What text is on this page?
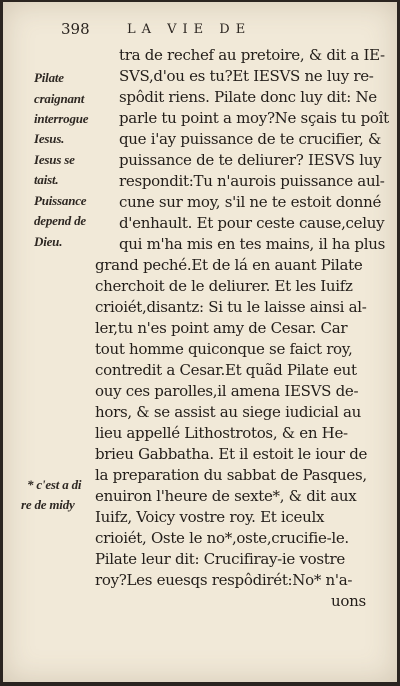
398	LA VIE DE
Pilate
craignant
interrogue
Iesus.
Iesus se
taist.
Puissance
depend de
Dieu.
* c'est a di
re de midy
tra de rechef au pretoire, & dit a IE-
SVS,d'ou es tu?Et IESVS ne luy re-
spôdit riens. Pilate donc luy dit: Ne
parle tu point a moy?Ne sçais tu poît
que i'ay puissance de te crucifier, &
puissance de te deliurer? IESVS luy
respondit:Tu n'aurois puissance aul-
cune sur moy, s'il ne te estoit donné
d'enhault. Et pour ceste cause,celuy
qui m'ha mis en tes mains, il ha plus
grand peché.Et de lá en auant Pilate
cherchoit de le deliurer. Et les Iuifz
crioiét,disantz: Si tu le laisse ainsi al-
ler,tu n'es point amy de Cesar. Car
tout homme quiconque se faict roy,
contredit a Cesar.Et quãd Pilate eut
ouy ces parolles,il amena IESVS de-
hors, & se assist au siege iudicial au
lieu appellé Lithostrotos, & en He-
brieu Gabbatha. Et il estoit le iour de
la preparation du sabbat de Pasques,
enuiron l'heure de sexte*, & dit aux
Iuifz, Voicy vostre roy. Et iceulx
crioiét, Oste le no*,oste,crucifie-le.
Pilate leur dit: Crucifiray-ie vostre
roy?Les euesqs respôdirét:No* n'a-
uons
